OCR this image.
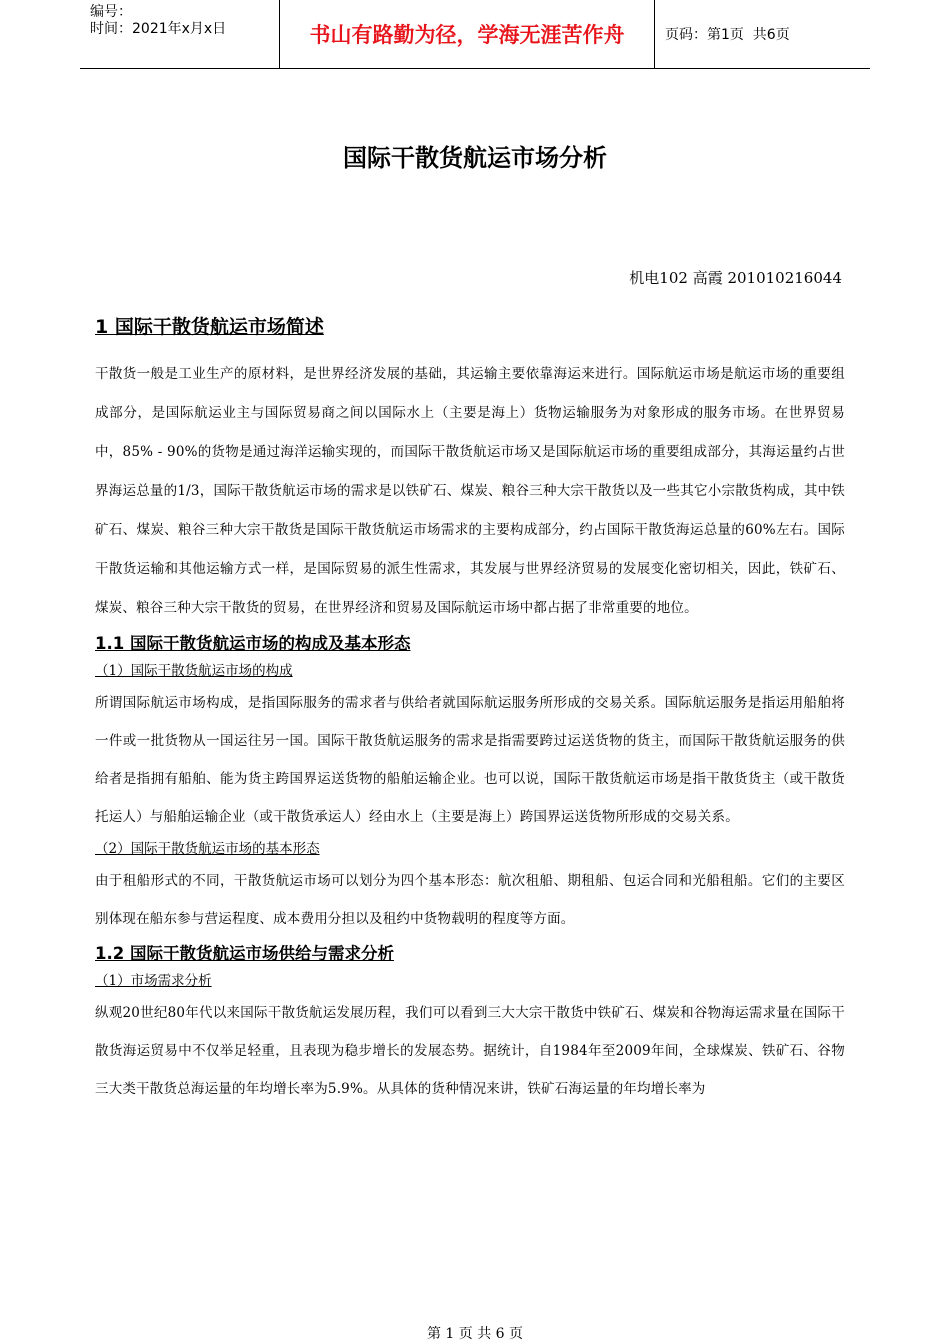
编号：
时间：2021年x月x日	书山有路勤为径，学海无涯苦作舟	页码：第1页  共6页
国际干散货航运市场分析
机电102 高霞 201010216044
1 国际干散货航运市场简述

干散货一般是工业生产的原材料，是世界经济发展的基础，其运输主要依靠海运来进行。国际航运市场是航运市场的重要组成部分，是国际航运业主与国际贸易商之间以国际水上（主要是海上）货物运输服务为对象形成的服务市场。在世界贸易中，85% - 90%的货物是通过海洋运输实现的，而国际干散货航运市场又是国际航运市场的重要组成部分，其海运量约占世界海运总量的1/3，国际干散货航运市场的需求是以铁矿石、煤炭、粮谷三种大宗干散货以及一些其它小宗散货构成，其中铁矿石、煤炭、粮谷三种大宗干散货是国际干散货航运市场需求的主要构成部分，约占国际干散货海运总量的60%左右。国际干散货运输和其他运输方式一样，是国际贸易的派生性需求，其发展与世界经济贸易的发展变化密切相关，因此，铁矿石、煤炭、粮谷三种大宗干散货的贸易，在世界经济和贸易及国际航运市场中都占据了非常重要的地位。

1.1 国际干散货航运市场的构成及基本形态

（1）国际干散货航运市场的构成

所谓国际航运市场构成，是指国际服务的需求者与供给者就国际航运服务所形成的交易关系。国际航运服务是指运用船舶将一件或一批货物从一国运往另一国。国际干散货航运服务的需求是指需要跨过运送货物的货主，而国际干散货航运服务的供给者是指拥有船舶、能为货主跨国界运送货物的船舶运输企业。也可以说，国际干散货航运市场是指干散货货主（或干散货托运人）与船舶运输企业（或干散货承运人）经由水上（主要是海上）跨国界运送货物所形成的交易关系。

（2）国际干散货航运市场的基本形态

由于租船形式的不同，干散货航运市场可以划分为四个基本形态：航次租船、期租船、包运合同和光船租船。它们的主要区别体现在船东参与营运程度、成本费用分担以及租约中货物载明的程度等方面。

1.2 国际干散货航运市场供给与需求分析

（1）市场需求分析

纵观20世纪80年代以来国际干散货航运发展历程，我们可以看到三大大宗干散货中铁矿石、煤炭和谷物海运需求量在国际干散货海运贸易中不仅举足轻重，且表现为稳步增长的发展态势。据统计，自1984年至2009年间，全球煤炭、铁矿石、谷物三大类干散货总海运量的年均增长率为5.9%。从具体的货种情况来讲，铁矿石海运量的年均增长率为

第 1 页 共 6 页
